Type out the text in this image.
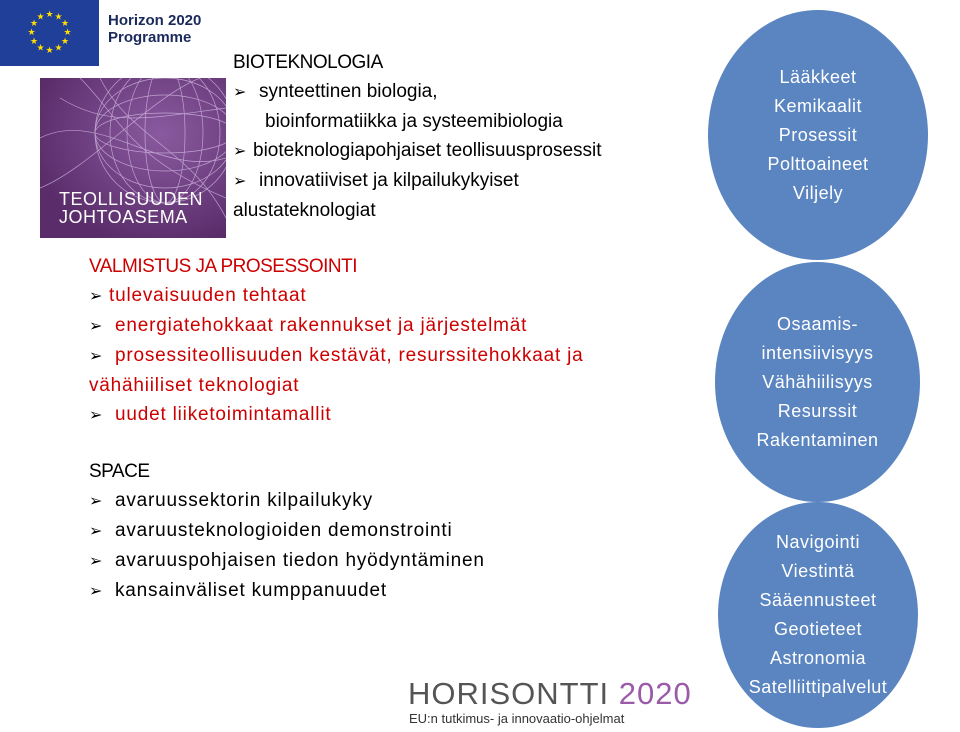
★ ★
★
★
★
★
★
★
★
★
★
★	Horizon 2020
Programme
TEOLLISUUDEN
JOHTOASEMA
BIOTEKNOLOGIA
➢ synteettinen biologia,
bioinformatiikka ja systeemibiologia
➢ bioteknologiapohjaiset teollisuusprosessit
➢ innovatiiviset ja kilpailukykyiset
alustateknologiat
VALMISTUS JA PROSESSOINTI
➢ tulevaisuuden tehtaat
➢ energiatehokkaat rakennukset ja järjestelmät
➢ prosessiteollisuuden kestävät, resurssitehokkaat ja
vähähiiliset teknologiat
➢ uudet liiketoimintamallit
SPACE
➢ avaruussektorin kilpailukyky
➢ avaruusteknologioiden demonstrointi
➢ avaruuspohjaisen tiedon hyödyntäminen
➢ kansainväliset kumppanuudet
Lääkkeet
Kemikaalit
Prosessit
Polttoaineet
Viljely
Osaamis-
intensiivisyys
Vähähiilisyys
Resurssit
Rakentaminen
Navigointi
Viestintä
Sääennusteet
Geotieteet
Astronomia
Satelliittipalvelut
HORISONTTI 2020
EU:n tutkimus- ja innovaatio-ohjelmat
